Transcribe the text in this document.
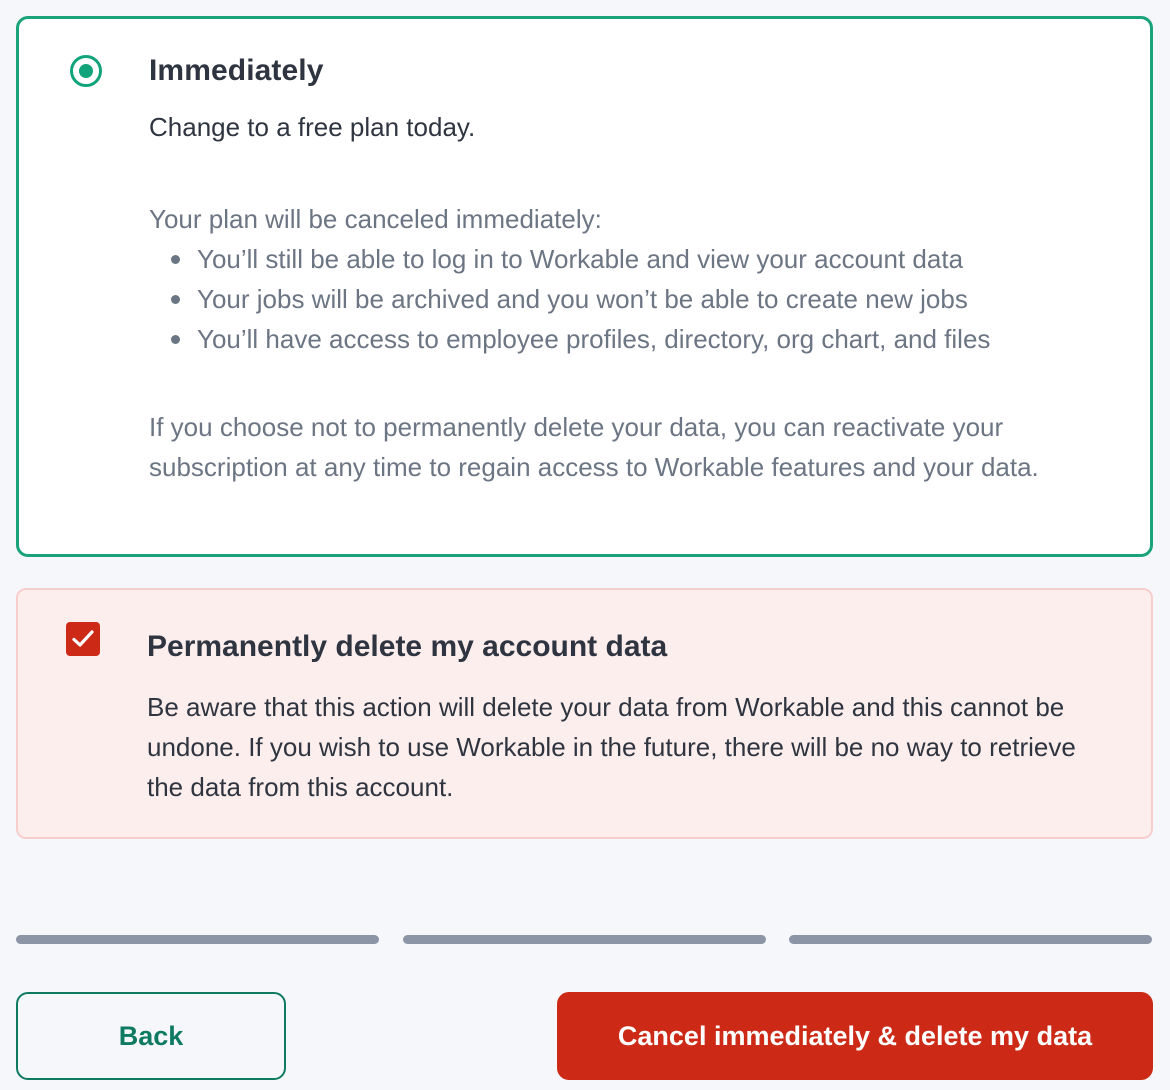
Immediately
Change to a free plan today.
Your plan will be canceled immediately:
You’ll still be able to log in to Workable and view your account data
Your jobs will be archived and you won’t be able to create new jobs
You’ll have access to employee profiles, directory, org chart, and files
If you choose not to permanently delete your data, you can reactivate your subscription at any time to regain access to Workable features and your data.
Permanently delete my account data
Be aware that this action will delete your data from Workable and this cannot be undone. If you wish to use Workable in the future, there will be no way to retrieve the data from this account.
Back	Cancel immediately & delete my data
